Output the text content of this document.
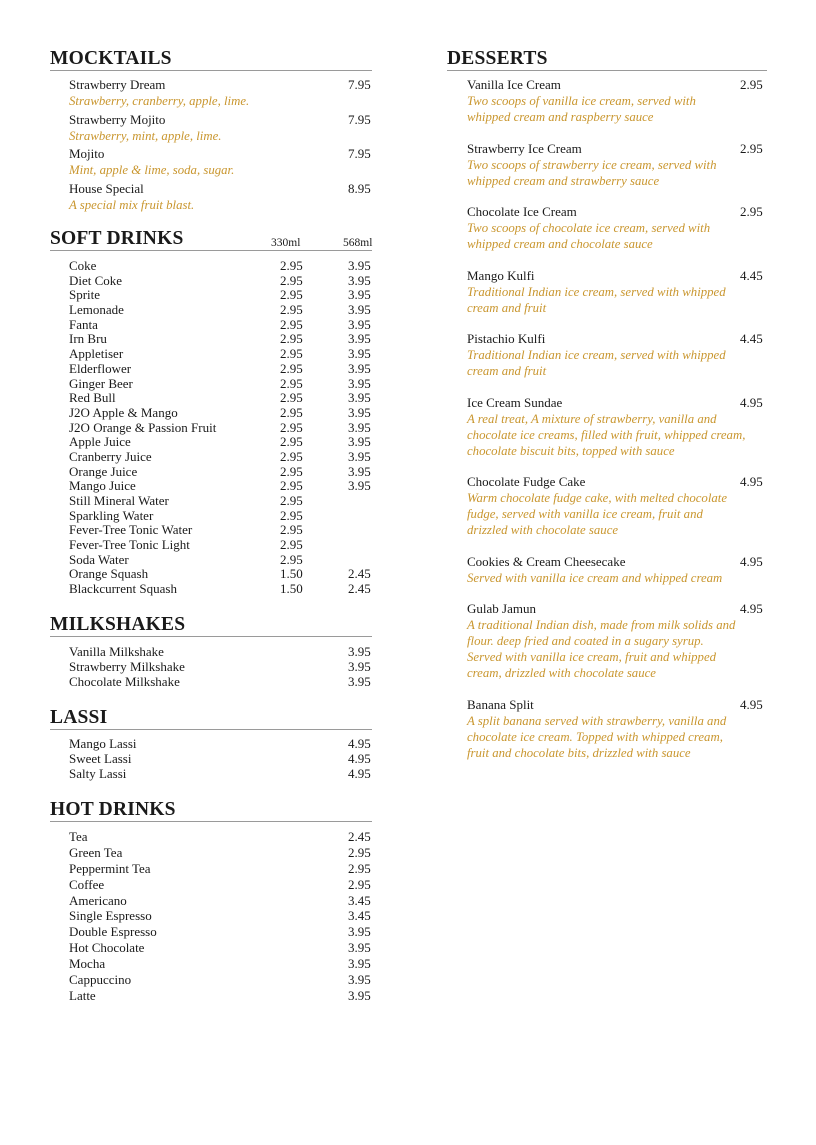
MOCKTAILS
Strawberry Dream
Strawberry, cranberry, apple, lime.
7.95
Strawberry Mojito
Strawberry, mint, apple, lime.
7.95
Mojito
Mint, apple & lime, soda, sugar.
7.95
House Special
A special mix fruit blast.
8.95
SOFT DRINKS	330ml	568ml
Coke	2.95	3.95
Diet Coke	2.95	3.95
Sprite	2.95	3.95
Lemonade	2.95	3.95
Fanta	2.95	3.95
Irn Bru	2.95	3.95
Appletiser	2.95	3.95
Elderflower	2.95	3.95
Ginger Beer	2.95	3.95
Red Bull	2.95	3.95
J2O Apple & Mango	2.95	3.95
J2O Orange & Passion Fruit	2.95	3.95
Apple Juice	2.95	3.95
Cranberry Juice	2.95	3.95
Orange Juice	2.95	3.95
Mango Juice	2.95	3.95
Still Mineral Water	2.95
Sparkling Water	2.95
Fever-Tree Tonic Water	2.95
Fever-Tree Tonic Light	2.95
Soda Water	2.95
Orange Squash	1.50	2.45
Blackcurrent Squash	1.50	2.45
MILKSHAKES
Vanilla Milkshake	3.95
Strawberry Milkshake	3.95
Chocolate Milkshake	3.95
LASSI
Mango Lassi	4.95
Sweet Lassi	4.95
Salty Lassi	4.95
HOT DRINKS
Tea	2.45
Green Tea	2.95
Peppermint Tea	2.95
Coffee	2.95
Americano	3.45
Single Espresso	3.45
Double Espresso	3.95
Hot Chocolate	3.95
Mocha	3.95
Cappuccino	3.95
Latte	3.95
DESSERTS
Vanilla Ice Cream	2.95
Two scoops of vanilla ice cream, served with
whipped cream and raspberry sauce
Strawberry Ice Cream	2.95
Two scoops of strawberry ice cream, served with
whipped cream and strawberry sauce
Chocolate Ice Cream	2.95
Two scoops of chocolate ice cream, served with
whipped cream and chocolate sauce
Mango Kulfi	4.45
Traditional Indian ice cream, served with whipped
cream and fruit
Pistachio Kulfi	4.45
Traditional Indian ice cream, served with whipped
cream and fruit
Ice Cream Sundae	4.95
A real treat, A mixture of strawberry, vanilla and
chocolate ice creams, filled with fruit, whipped cream,
chocolate biscuit bits, topped with sauce
Chocolate Fudge Cake	4.95
Warm chocolate fudge cake, with melted chocolate
fudge, served with vanilla ice cream, fruit and
drizzled with chocolate sauce
Cookies & Cream Cheesecake	4.95
Served with vanilla ice cream and whipped cream
Gulab Jamun	4.95
A traditional Indian dish, made from milk solids and
flour. deep fried and coated in a sugary syrup.
Served with vanilla ice cream, fruit and whipped
cream, drizzled with chocolate sauce
Banana Split	4.95
A split banana served with strawberry, vanilla and
chocolate ice cream. Topped with whipped cream,
fruit and chocolate bits, drizzled with sauce
